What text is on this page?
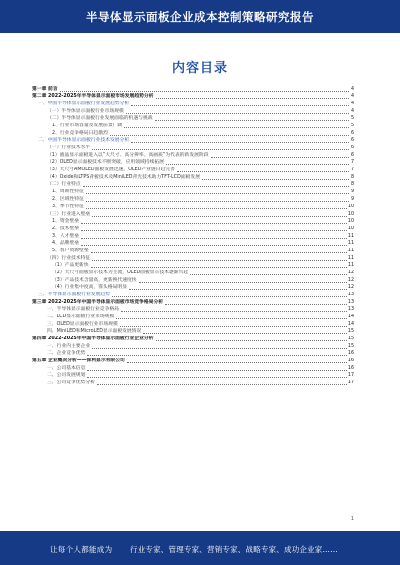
半导体显示面板企业成本控制策略研究报告
内容目录
第一章 前言	4
第二章 2022-2025年半导体显示面板市场发展趋势分析	4
一、中国半导体显示面板行业发展趋势分析	4
（一）半导体显示面板行业市场规模	4
（二）半导体显示面板行业发展面临的机遇与挑战	5
1、行业市场容量及发展前景广阔	5
2、行业竞争格局日趋激烈	6
二、中国半导体显示面板行业技术发展分析	6
（一）行业技术水平	6
（1）液晶显示面板进入以“大尺寸、高分辨率、高画质”为代表的新发展阶段	6
（2）OLED显示面板技术不断突破，应用领域持续拓展	7
（3）大尺寸AMOLED面板发展迅速，OLED产业链日趋完善	7
（4）Oxide和LTPS背板技术及MiniLED背光技术助力TFT-LCD面板发展	8
（二）行业特点	8
1、周期性特征	9
2、区域性特征	9
3、季节性特征	10
（三）行业进入壁垒	10
1、资金壁垒	10
2、技术壁垒	10
3、人才壁垒	11
4、品牌壁垒	11
5、客户资源壁垒	11
（四）行业技术特征	11
（1）产品更新快	11
（2）大尺寸面板显示技术为主流，OLED面板显示技术逐渐兴起	12
（3）产品技术含量高，更新换代速度快	12
（4）行业集中度高，寡头格局明显	12
三、半导体显示面板行业发展趋势	13
第三章 2022-2025年中国半导体显示面板市场竞争格局分析	13
一、半导体显示面板行业竞争格局	13
二、LCD显示面板行业市场规模	14
三、OLED显示面板行业市场规模	14
四、MiniLED和MicroLED显示面板发展情况	15
第四章 2022-2025年中国半导体显示面板行业企业分析	15
一、行业内主要企业	15
二、企业竞争优势	16
第五章 企业概况分析——保利显示有限公司	16
一、公司基本信息	16
二、公司发展规划	17
三、公司竞争优势分析	17
1
让每个人都能成为 行业专家、管理专家、营销专家、战略专家、成功企业家……
